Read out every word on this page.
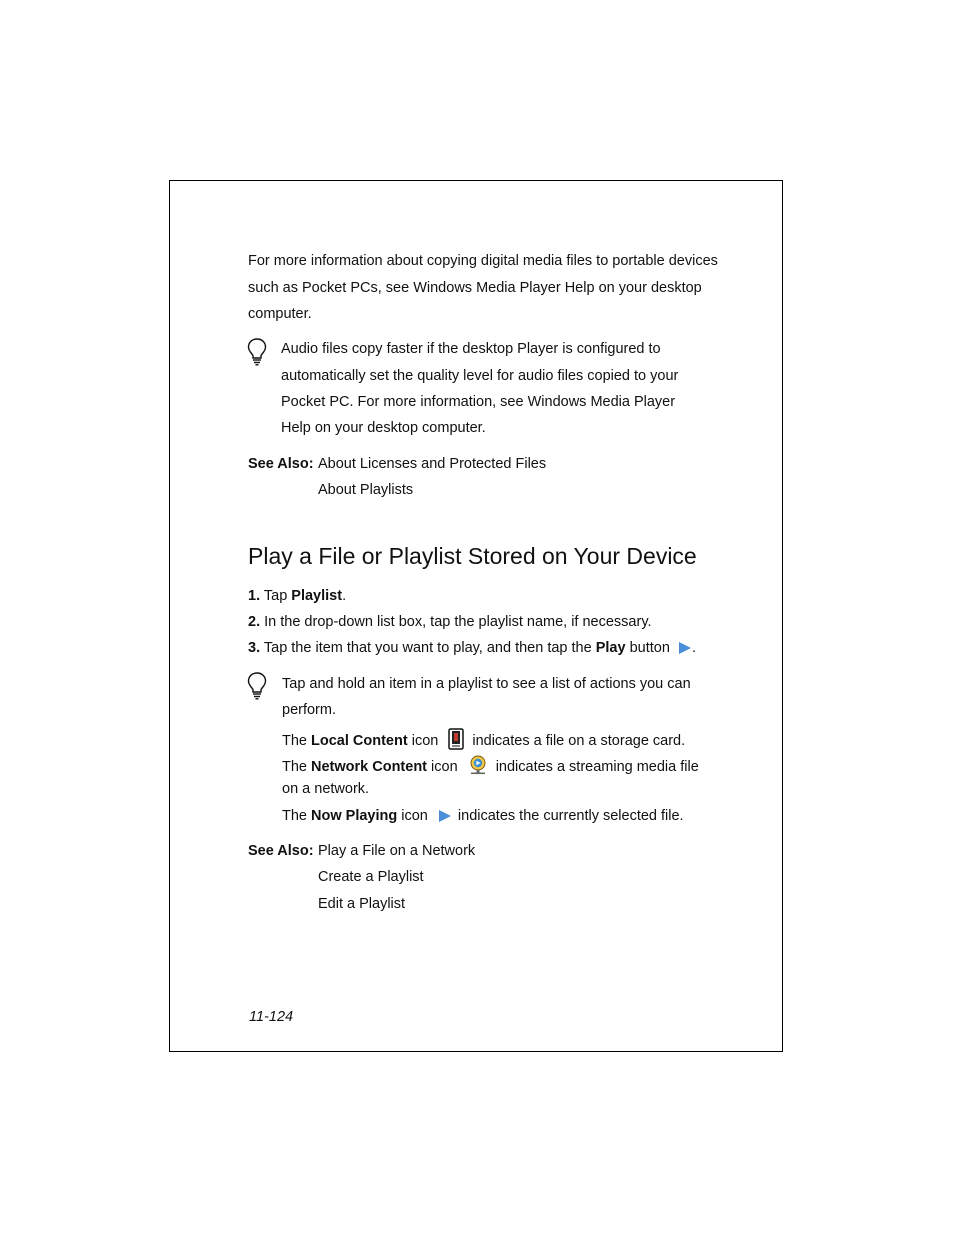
For more information about copying digital media files to portable devices
such as Pocket PCs, see Windows Media Player Help on your desktop
computer.
Audio files copy faster if the desktop Player is configured to
automatically set the quality level for audio files copied to your
Pocket PC. For more information, see Windows Media Player
Help on your desktop computer.
See Also: About Licenses and Protected Files
About Playlists
Play a File or Playlist Stored on Your Device
1. Tap Playlist.
2. In the drop-down list box, tap the playlist name, if necessary.
3. Tap the item that you want to play, and then tap the Play button .
Tap and hold an item in a playlist to see a list of actions you can
perform.
The Local Content icon indicates a file on a storage card.
The Network Content icon	indicates a streaming media file
on a network.
The Now Playing icon indicates the currently selected file.
See Also: Play a File on a Network
Create a Playlist
Edit a Playlist
11-124
